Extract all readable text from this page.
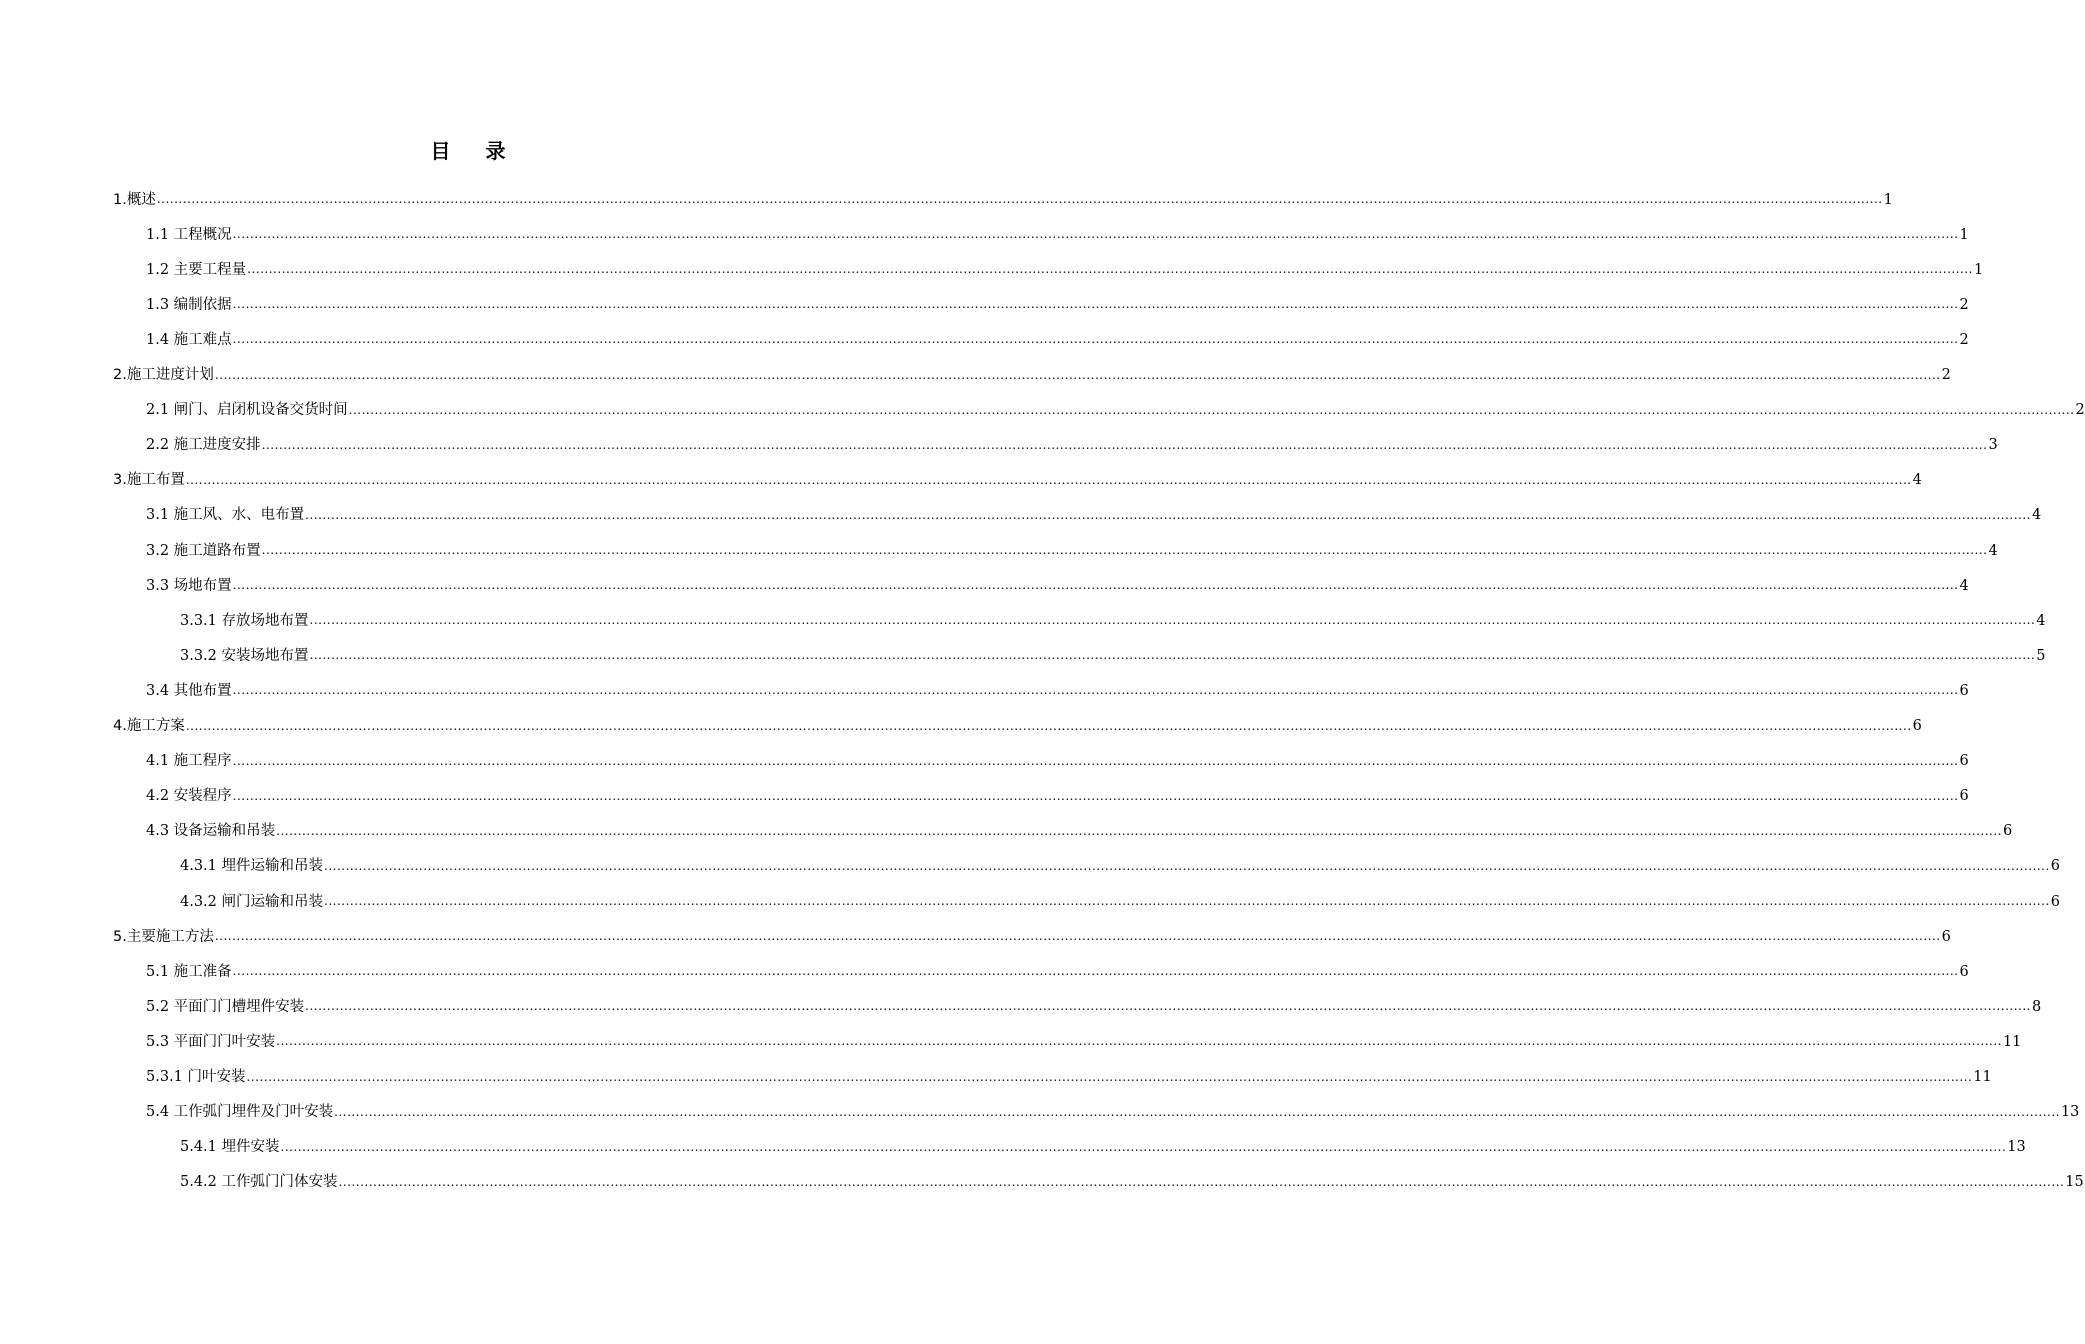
目 录
1.概述 ................................................................................................................................................................................................................................................................................................................................................................................................................ 1
1.1 工程概况 ................................................................................................................................................................................................................................................................................................................................................................................................................ 1
1.2 主要工程量 ................................................................................................................................................................................................................................................................................................................................................................................................................ 1
1.3 编制依据 ................................................................................................................................................................................................................................................................................................................................................................................................................ 2
1.4 施工难点 ................................................................................................................................................................................................................................................................................................................................................................................................................ 2
2.施工进度计划 ................................................................................................................................................................................................................................................................................................................................................................................................................ 2
2.1 闸门、启闭机设备交货时间 ................................................................................................................................................................................................................................................................................................................................................................................................................ 2
2.2 施工进度安排 ................................................................................................................................................................................................................................................................................................................................................................................................................ 3
3.施工布置 ................................................................................................................................................................................................................................................................................................................................................................................................................ 4
3.1 施工风、水、电布置 ................................................................................................................................................................................................................................................................................................................................................................................................................ 4
3.2 施工道路布置 ................................................................................................................................................................................................................................................................................................................................................................................................................ 4
3.3 场地布置 ................................................................................................................................................................................................................................................................................................................................................................................................................ 4
3.3.1 存放场地布置 ................................................................................................................................................................................................................................................................................................................................................................................................................ 4
3.3.2 安装场地布置 ................................................................................................................................................................................................................................................................................................................................................................................................................ 5
3.4 其他布置 ................................................................................................................................................................................................................................................................................................................................................................................................................ 6
4.施工方案 ................................................................................................................................................................................................................................................................................................................................................................................................................ 6
4.1 施工程序 ................................................................................................................................................................................................................................................................................................................................................................................................................ 6
4.2 安装程序 ................................................................................................................................................................................................................................................................................................................................................................................................................ 6
4.3 设备运输和吊装 ................................................................................................................................................................................................................................................................................................................................................................................................................ 6
4.3.1 埋件运输和吊装 ................................................................................................................................................................................................................................................................................................................................................................................................................ 6
4.3.2 闸门运输和吊装 ................................................................................................................................................................................................................................................................................................................................................................................................................ 6
5.主要施工方法 ................................................................................................................................................................................................................................................................................................................................................................................................................ 6
5.1 施工准备 ................................................................................................................................................................................................................................................................................................................................................................................................................ 6
5.2 平面门门槽埋件安装 ................................................................................................................................................................................................................................................................................................................................................................................................................ 8
5.3 平面门门叶安装 ................................................................................................................................................................................................................................................................................................................................................................................................................ 11
5.3.1 门叶安装 ................................................................................................................................................................................................................................................................................................................................................................................................................ 11
5.4 工作弧门埋件及门叶安装 ................................................................................................................................................................................................................................................................................................................................................................................................................ 13
5.4.1 埋件安装 ................................................................................................................................................................................................................................................................................................................................................................................................................ 13
5.4.2 工作弧门门体安装 ................................................................................................................................................................................................................................................................................................................................................................................................................ 15
